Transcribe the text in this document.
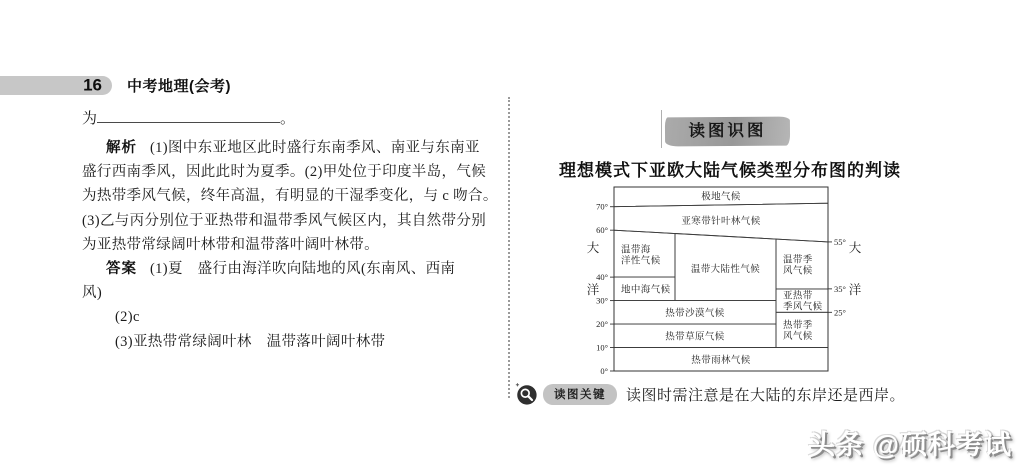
16 中考地理(会考)
为	。
解析 (1)图中东亚地区此时盛行东南季风、南亚与东南亚
盛行西南季风，因此此时为夏季。(2)甲处位于印度半岛，气候
为热带季风气候，终年高温，有明显的干湿季变化，与 c 吻合。
(3)乙与丙分别位于亚热带和温带季风气候区内，其自然带分别
为亚热带常绿阔叶林带和温带落叶阔叶林带。
答案 (1)夏　盛行由海洋吹向陆地的风(东南风、西南
风)
(2)c
(3)亚热带常绿阔叶林　温带落叶阔叶林带
读图识图
理想模式下亚欧大陆气候类型分布图的判读
极地气候
亚寒带针叶林气候
温带海
洋性气候
地中海气候
温带大陆性气候
温带季
风气候
亚热带
季风气候
热带沙漠气候
热带草原气候
热带季
风气候
热带雨林气候
70°
60°
40°
30°
20°
10°
0°
55°
35°
25°
大
洋
大
洋
读图关键	读图时需注意是在大陆的东岸还是西岸。
头条 @硕科考试
